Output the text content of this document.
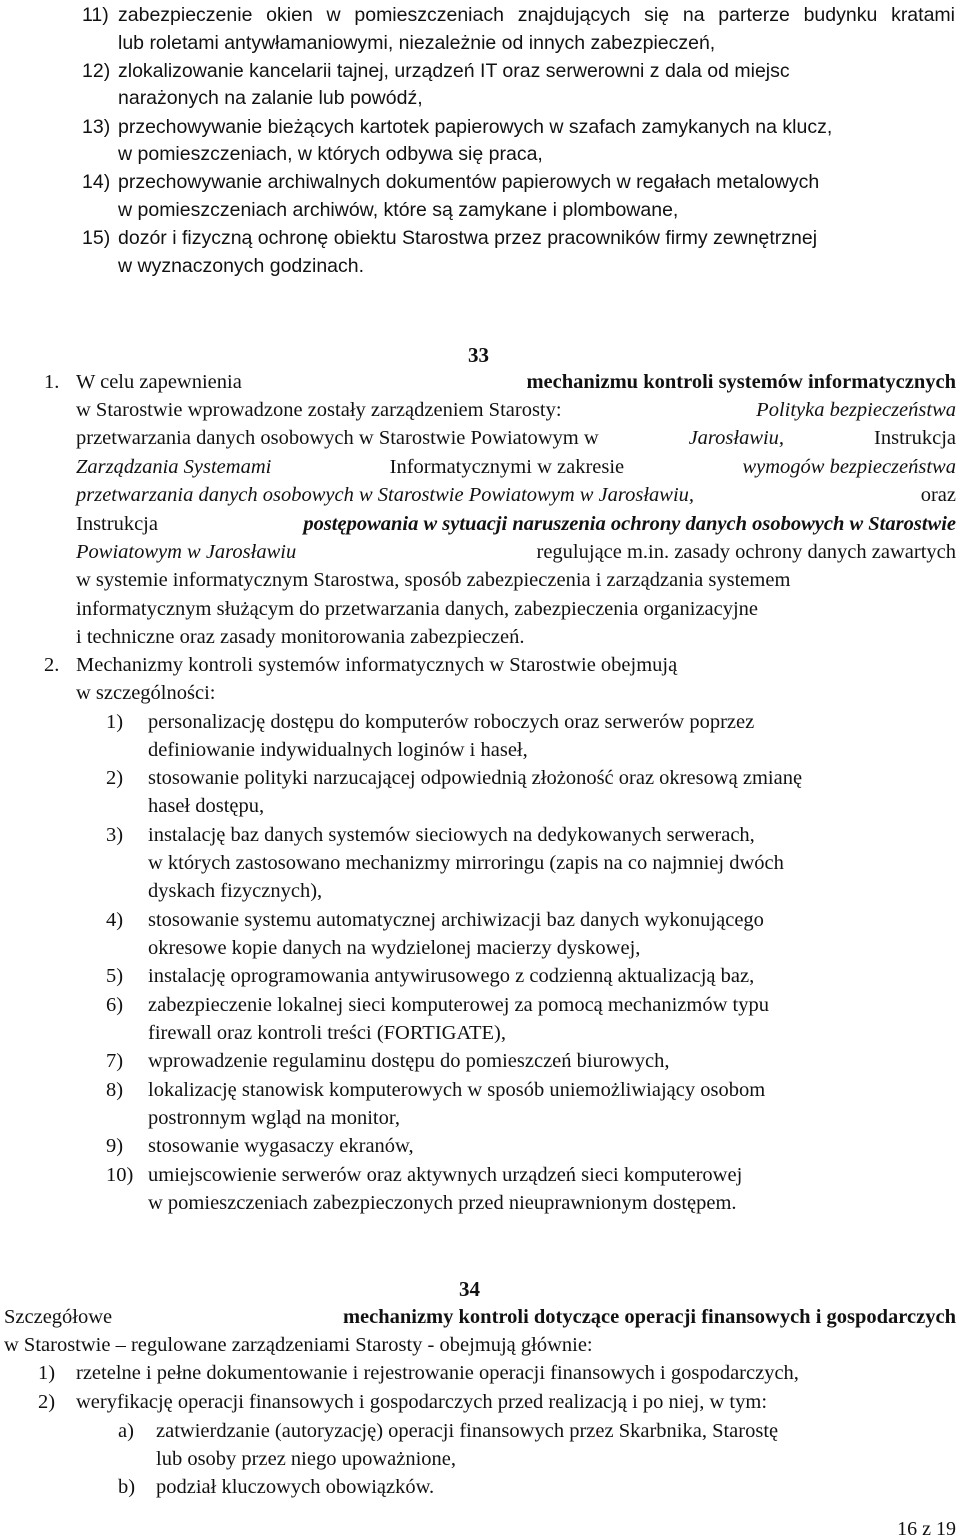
11) zabezpieczenie okien w pomieszczeniach znajdujących się na parterze budynku kratami
lub roletami antywłamaniowymi, niezależnie od innych zabezpieczeń,
12) zlokalizowanie kancelarii tajnej, urządzeń IT oraz serwerowni z dala od miejsc
narażonych na zalanie lub powódź,
13) przechowywanie bieżących kartotek papierowych w szafach zamykanych na klucz,
w pomieszczeniach, w których odbywa się praca,
14) przechowywanie archiwalnych dokumentów papierowych w regałach metalowych
w pomieszczeniach archiwów, które są zamykane i plombowane,
15) dozór i fizyczną ochronę obiektu Starostwa przez pracowników firmy zewnętrznej
w wyznaczonych godzinach.
33
1. W celu zapewnienia	mechanizmu kontroli systemów informatycznych
w Starostwie wprowadzone zostały zarządzeniem Starosty:	Polityka bezpieczeństwa
przetwarzania danych osobowych w Starostwie Powiatowym w	Jarosławiu,	Instrukcja
Zarządzania Systemami	Informatycznymi w zakresie	wymogów bezpieczeństwa
przetwarzania danych osobowych w Starostwie Powiatowym w Jarosławiu,	oraz
Instrukcja	postępowania w sytuacji naruszenia ochrony danych osobowych w Starostwie
Powiatowym w Jarosławiu	regulujące m.in. zasady ochrony danych zawartych
w systemie informatycznym Starostwa, sposób zabezpieczenia i zarządzania systemem
informatycznym służącym do przetwarzania danych, zabezpieczenia organizacyjne
i techniczne oraz zasady monitorowania zabezpieczeń.
2. Mechanizmy kontroli systemów informatycznych w Starostwie obejmują
w szczególności:
1) personalizację dostępu do komputerów roboczych oraz serwerów poprzez
definiowanie indywidualnych loginów i haseł,
2) stosowanie polityki narzucającej odpowiednią złożoność oraz okresową zmianę
haseł dostępu,
3) instalację baz danych systemów sieciowych na dedykowanych serwerach,
w których zastosowano mechanizmy mirroringu (zapis na co najmniej dwóch
dyskach fizycznych),
4) stosowanie systemu automatycznej archiwizacji baz danych wykonującego
okresowe kopie danych na wydzielonej macierzy dyskowej,
5) instalację oprogramowania antywirusowego z codzienną aktualizacją baz,
6) zabezpieczenie lokalnej sieci komputerowej za pomocą mechanizmów typu
firewall oraz kontroli treści (FORTIGATE),
7) wprowadzenie regulaminu dostępu do pomieszczeń biurowych,
8) lokalizację stanowisk komputerowych w sposób uniemożliwiający osobom
postronnym wgląd na monitor,
9) stosowanie wygasaczy ekranów,
10) umiejscowienie serwerów oraz aktywnych urządzeń sieci komputerowej
w pomieszczeniach zabezpieczonych przed nieuprawnionym dostępem.
34
Szczegółowe	mechanizmy kontroli dotyczące operacji finansowych i gospodarczych
w Starostwie – regulowane zarządzeniami Starosty - obejmują głównie:
1) rzetelne i pełne dokumentowanie i rejestrowanie operacji finansowych i gospodarczych,
2) weryfikację operacji finansowych i gospodarczych przed realizacją i po niej, w tym:
a) zatwierdzanie (autoryzację) operacji finansowych przez Skarbnika, Starostę
lub osoby przez niego upoważnione,
b) podział kluczowych obowiązków.
16 z 19
